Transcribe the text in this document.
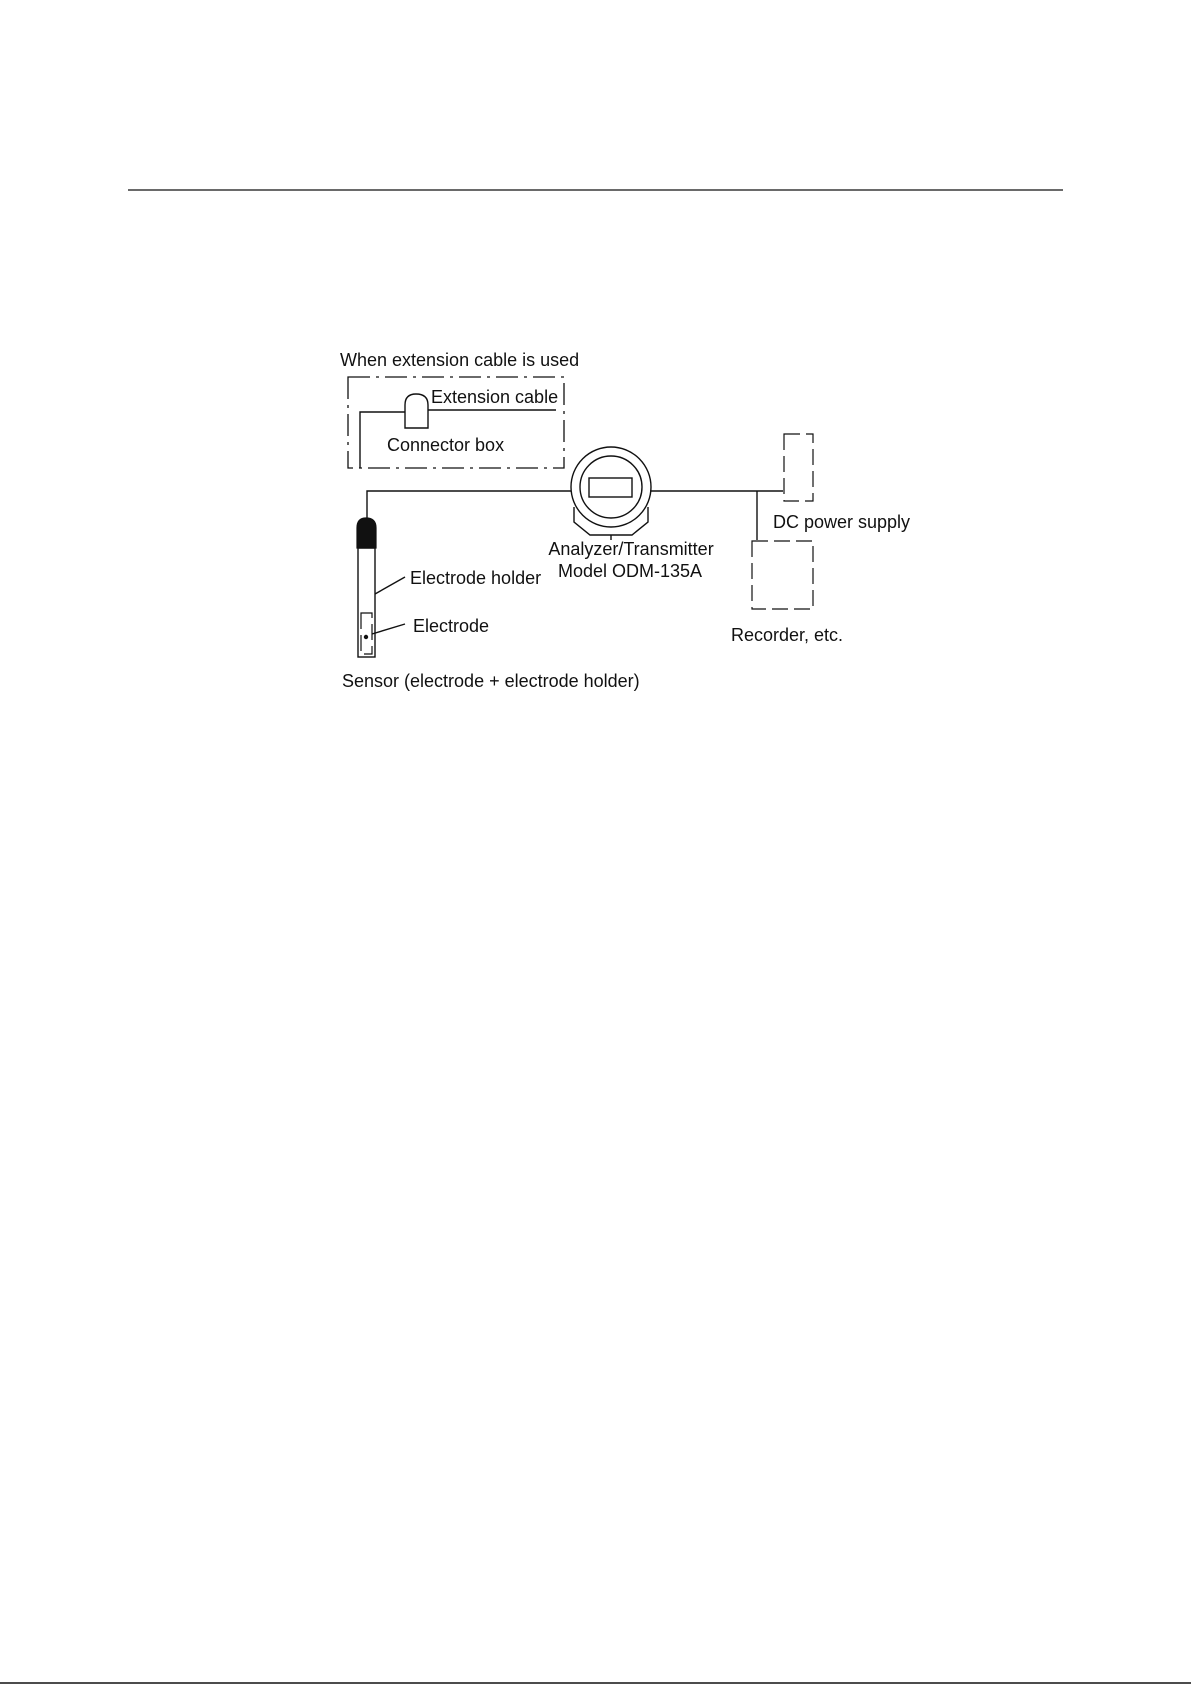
When extension cable is used
Extension cable
Connector box
DC power supply
Analyzer/Transmitter
Model ODM-135A
Electrode holder
Electrode	Recorder, etc.
Sensor (electrode + electrode holder)
